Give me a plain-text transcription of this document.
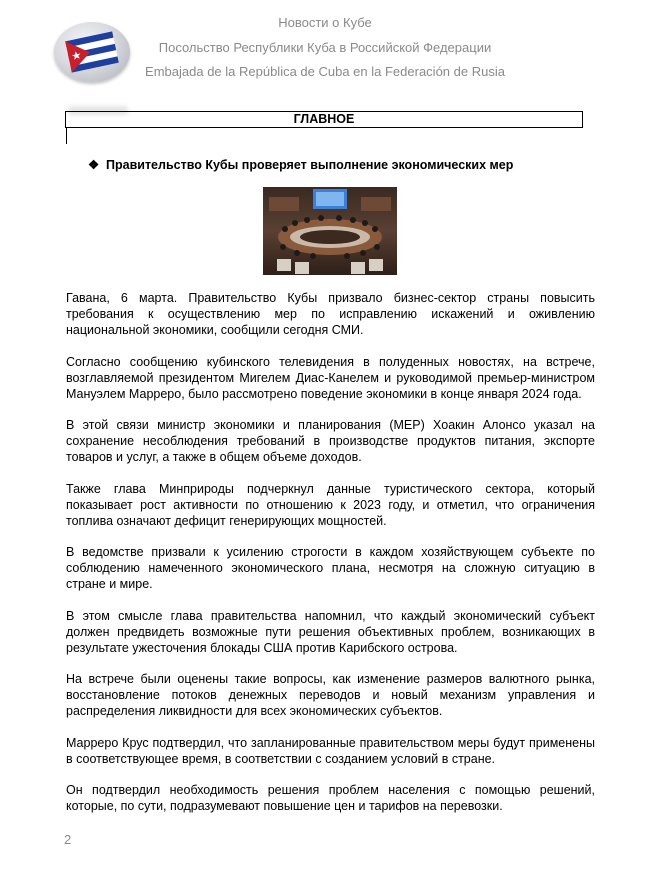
Новости о Кубе
Посольство Республики Куба в Российской Федерации
Embajada de la República de Cuba en la Federación de Rusia
ГЛАВНОЕ
❖ Правительство Кубы проверяет выполнение экономических мер

Гавана, 6 марта. Правительство Кубы призвало бизнес-сектор страны повысить требования к осуществлению мер по исправлению искажений и оживлению национальной экономики, сообщили сегодня СМИ.

Согласно сообщению кубинского телевидения в полуденных новостях, на встрече, возглавляемой президентом Мигелем Диас-Канелем и руководимой премьер-министром Мануэлем Марреро, было рассмотрено поведение экономики в конце января 2024 года.

В этой связи министр экономики и планирования (МЕР) Хоакин Алонсо указал на сохранение несоблюдения требований в производстве продуктов питания, экспорте товаров и услуг, а также в общем объеме доходов.

Также глава Минприроды подчеркнул данные туристического сектора, который показывает рост активности по отношению к 2023 году, и отметил, что ограничения топлива означают дефицит генерирующих мощностей.

В ведомстве призвали к усилению строгости в каждом хозяйствующем субъекте по соблюдению намеченного экономического плана, несмотря на сложную ситуацию в стране и мире.

В этом смысле глава правительства напомнил, что каждый экономический субъект должен предвидеть возможные пути решения объективных проблем, возникающих в результате ужесточения блокады США против Карибского острова.

На встрече были оценены такие вопросы, как изменение размеров валютного рынка, восстановление потоков денежных переводов и новый механизм управления и распределения ликвидности для всех экономических субъектов.

Марреро Крус подтвердил, что запланированные правительством меры будут применены в соответствующее время, в соответствии с созданием условий в стране.

Он подтвердил необходимость решения проблем населения с помощью решений, которые, по сути, подразумевают повышение цен и тарифов на перевозки.

2
